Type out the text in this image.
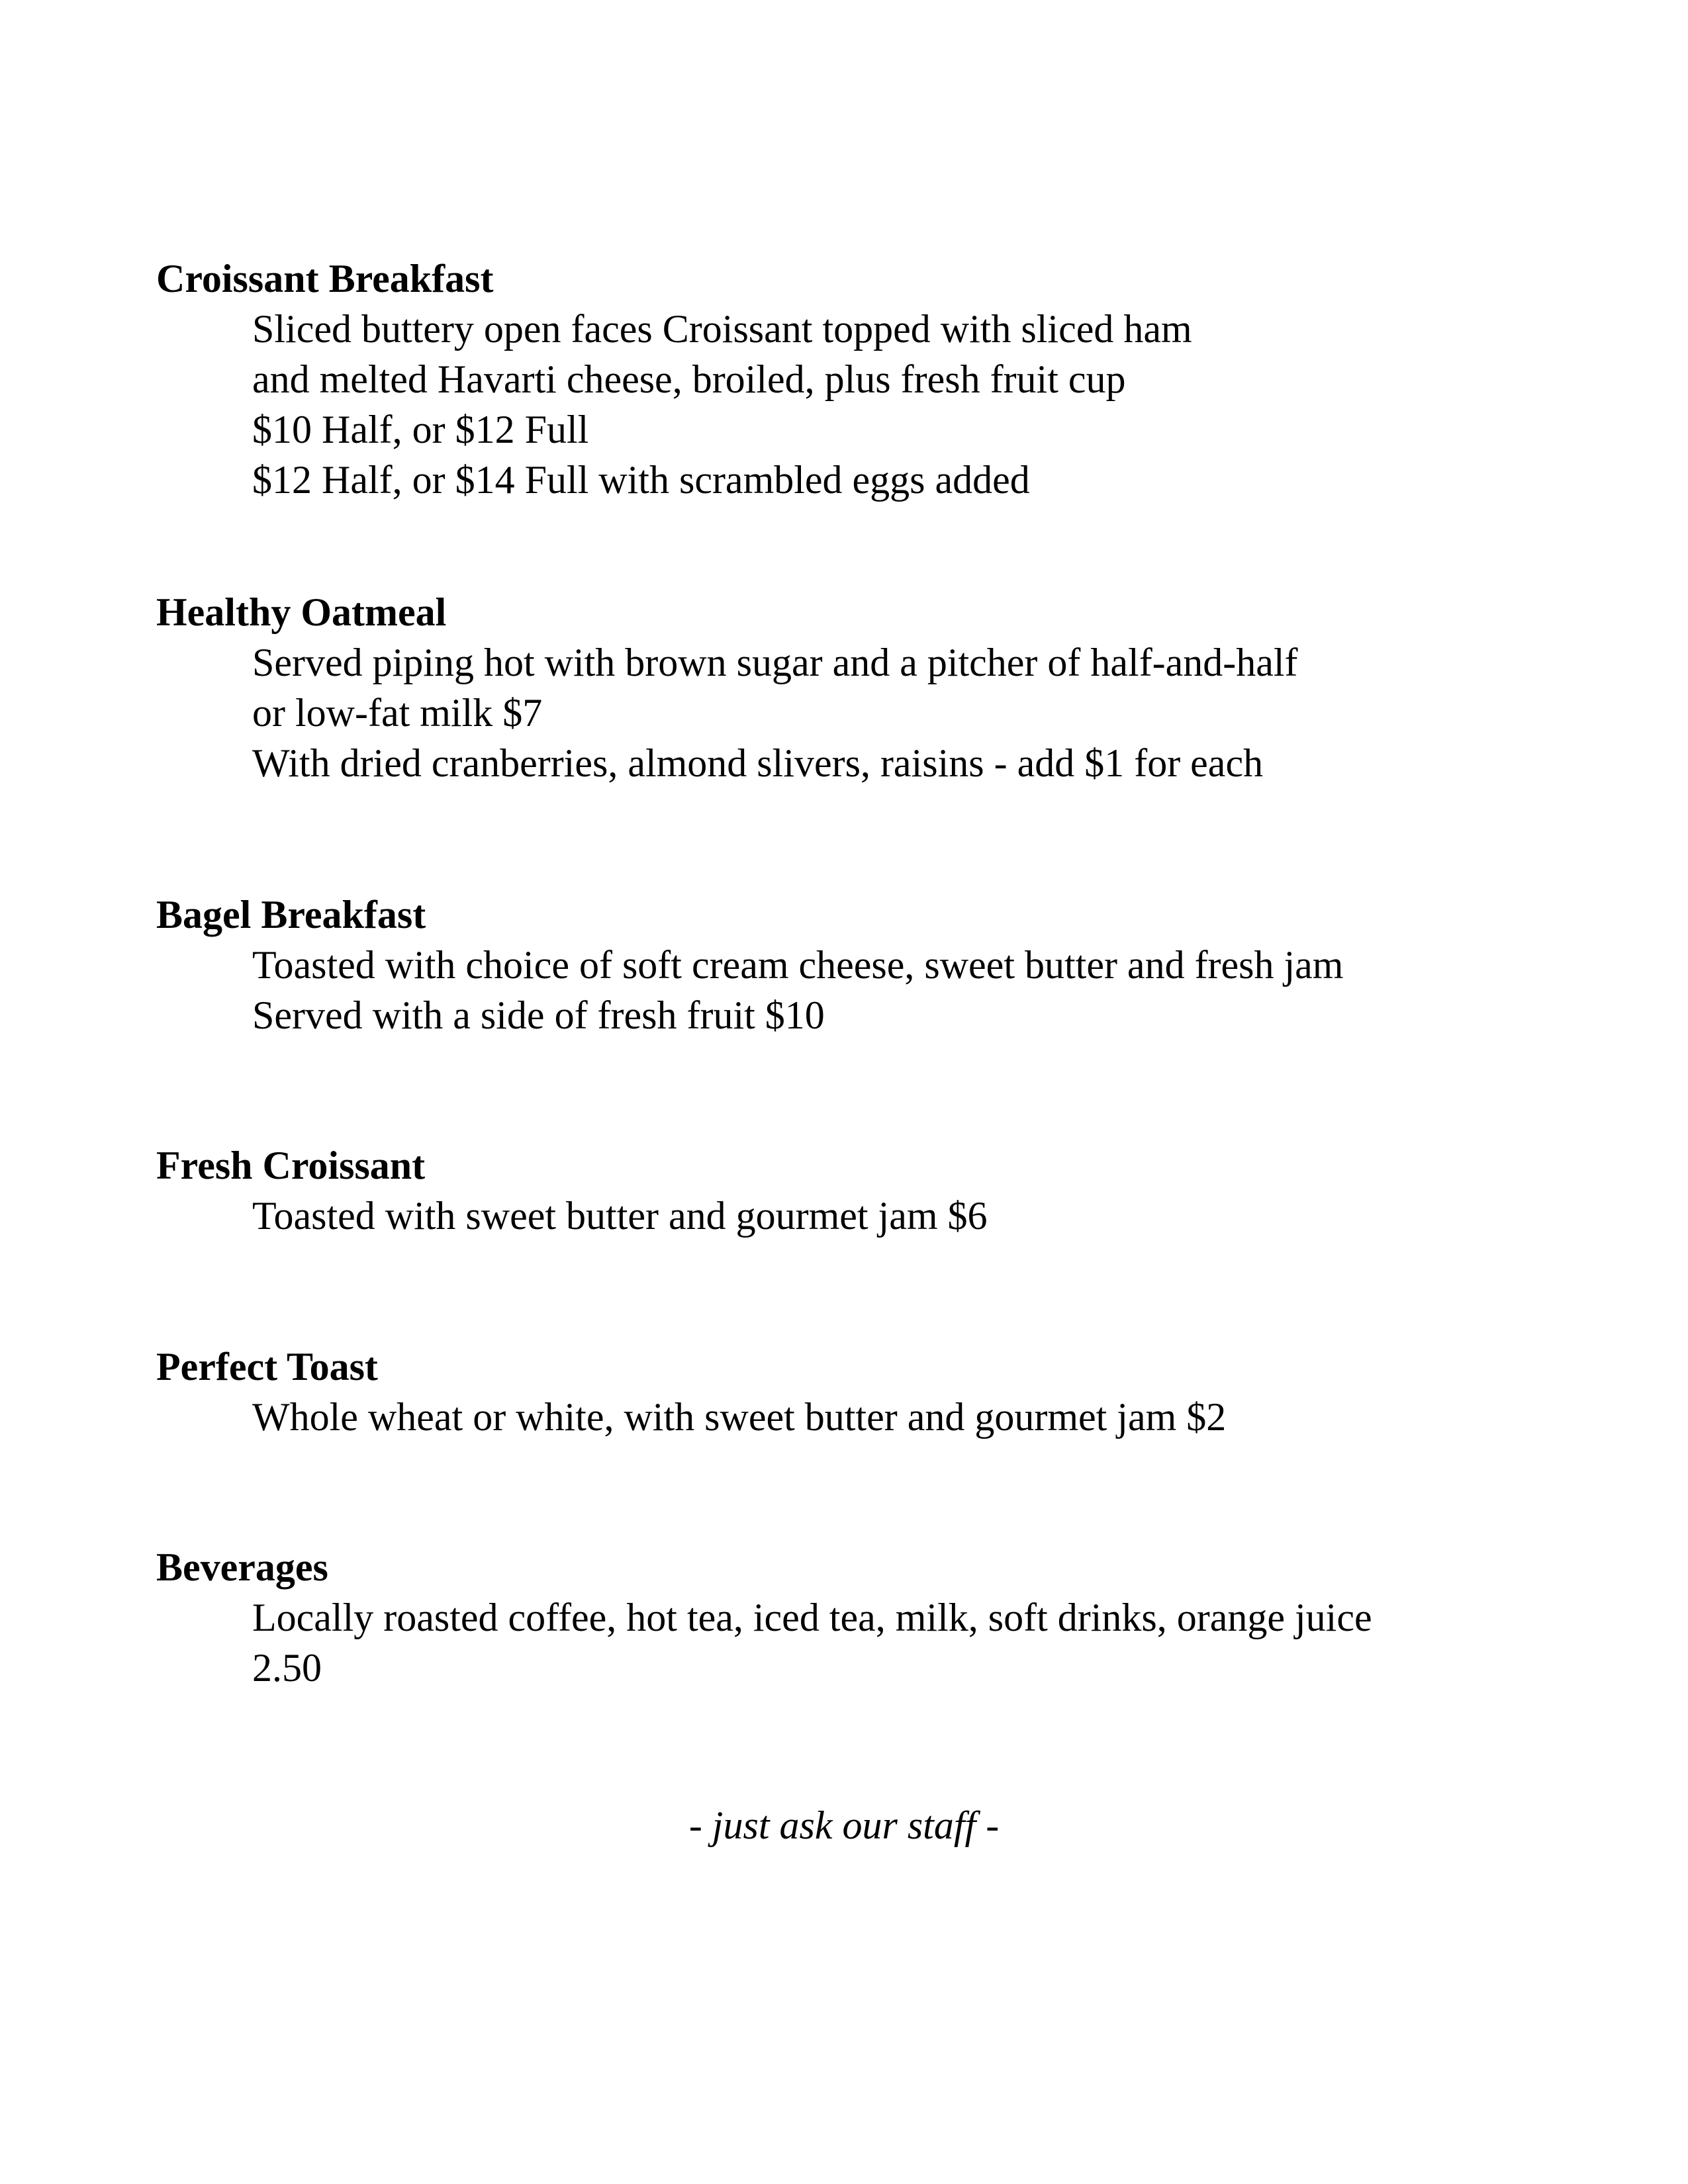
Croissant Breakfast
Sliced buttery open faces Croissant topped with sliced ham
and melted Havarti cheese, broiled, plus fresh fruit cup
$10 Half, or $12 Full
$12 Half, or $14 Full with scrambled eggs added
Healthy Oatmeal
Served piping hot with brown sugar and a pitcher of half-and-half
or low-fat milk $7
With dried cranberries, almond slivers, raisins - add $1 for each
Bagel Breakfast
Toasted with choice of soft cream cheese, sweet butter and fresh jam
Served with a side of fresh fruit $10
Fresh Croissant
Toasted with sweet butter and gourmet jam $6
Perfect Toast
Whole wheat or white, with sweet butter and gourmet jam $2
Beverages
Locally roasted coffee, hot tea, iced tea, milk, soft drinks, orange juice
2.50
- just ask our staff -
